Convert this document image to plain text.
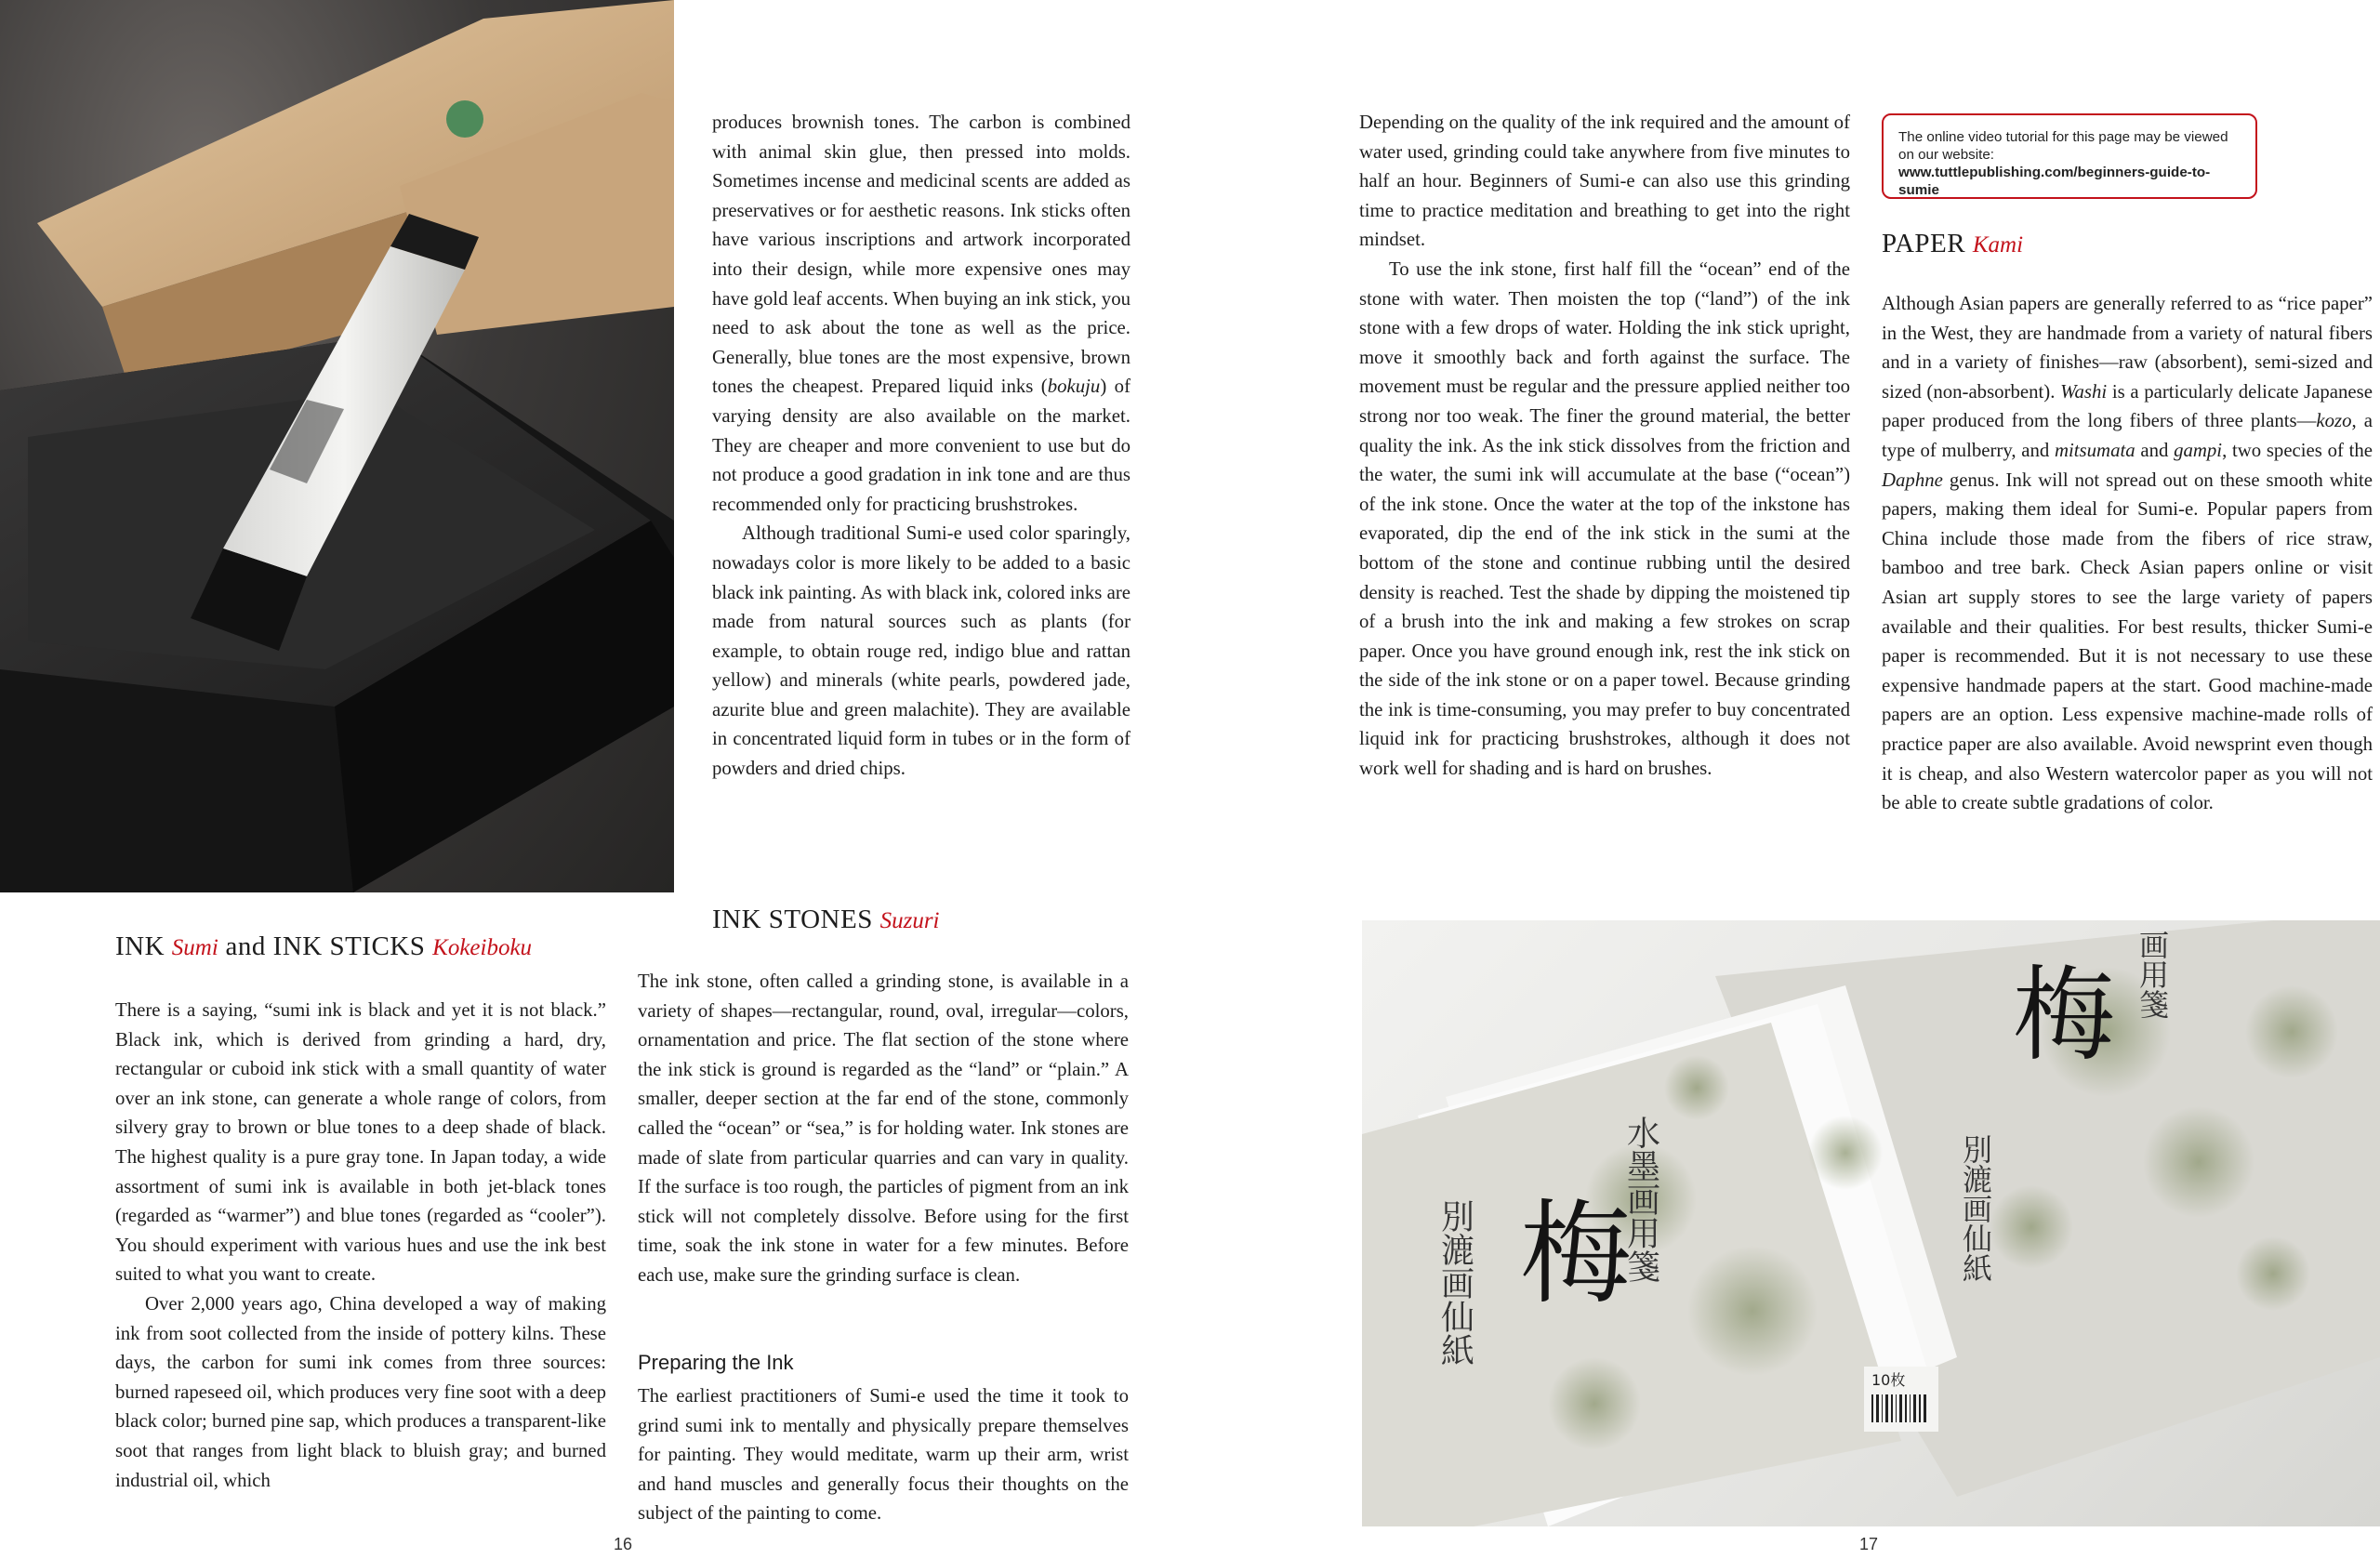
produces brownish tones. The carbon is combined with animal skin glue, then pressed into molds. Sometimes incense and medicinal scents are added as preservatives or for aesthetic reasons. Ink sticks often have various inscriptions and artwork incorporated into their design, while more expensive ones may have gold leaf accents. When buying an ink stick, you need to ask about the tone as well as the price. Generally, blue tones are the most expensive, brown tones the cheapest. Prepared liquid inks (bokuju) of varying density are also available on the market. They are cheaper and more convenient to use but do not produce a good gradation in ink tone and are thus recommended only for practicing brushstrokes.

Although traditional Sumi-e used color sparingly, nowadays color is more likely to be added to a basic black ink painting. As with black ink, colored inks are made from natural sources such as plants (for example, to obtain rouge red, indigo blue and rattan yellow) and minerals (white pearls, powdered jade, azurite blue and green malachite). They are available in concentrated liquid form in tubes or in the form of powders and dried chips.

INK Sumi and INK STICKS Kokeiboku

There is a saying, “sumi ink is black and yet it is not black.” Black ink, which is derived from grinding a hard, dry, rectangular or cuboid ink stick with a small quantity of water over an ink stone, can generate a whole range of colors, from silvery gray to brown or blue tones to a deep shade of black. The highest quality is a pure gray tone. In Japan today, a wide assortment of sumi ink is available in both jet-black tones (regarded as “warmer”) and blue tones (regarded as “cooler”). You should experiment with various hues and use the ink best suited to what you want to create.

Over 2,000 years ago, China developed a way of making ink from soot collected from the inside of pottery kilns. These days, the carbon for sumi ink comes from three sources: burned rapeseed oil, which produces very fine soot with a deep black color; burned pine sap, which produces a transparent-like soot that ranges from light black to bluish gray; and burned industrial oil, which

INK STONES Suzuri

The ink stone, often called a grinding stone, is available in a variety of shapes—rectangular, round, oval, irregular—colors, ornamentation and price. The flat section of the stone where the ink stick is ground is regarded as the “land” or “plain.” A smaller, deeper section at the far end of the stone, commonly called the “ocean” or “sea,” is for holding water. Ink stones are made of slate from particular quarries and can vary in quality. If the surface is too rough, the particles of pigment from an ink stick will not completely dissolve. Before using for the first time, soak the ink stone in water for a few minutes. Before each use, make sure the grinding surface is clean.

Preparing the Ink

The earliest practitioners of Sumi-e used the time it took to grind sumi ink to mentally and physically prepare themselves for painting. They would meditate, warm up their arm, wrist and hand muscles and generally focus their thoughts on the subject of the painting to come.

Depending on the quality of the ink required and the amount of water used, grinding could take anywhere from five minutes to half an hour. Beginners of Sumi-e can also use this grinding time to practice meditation and breathing to get into the right mindset.

To use the ink stone, first half fill the “ocean” end of the stone with water. Then moisten the top (“land”) of the ink stone with a few drops of water. Holding the ink stick upright, move it smoothly back and forth against the surface. The movement must be regular and the pressure applied neither too strong nor too weak. The finer the ground material, the better quality the ink. As the ink stick dissolves from the friction and the water, the sumi ink will accumulate at the base (“ocean”) of the ink stone. Once the water at the top of the inkstone has evaporated, dip the end of the ink stick in the sumi at the bottom of the stone and continue rubbing until the desired density is reached. Test the shade by dipping the moistened tip of a brush into the ink and making a few strokes on scrap paper. Once you have ground enough ink, rest the ink stick on the side of the ink stone or on a paper towel. Because grinding the ink is time-consuming, you may prefer to buy concentrated liquid ink for practicing brushstrokes, although it does not work well for shading and is hard on brushes.

The online video tutorial for this page may be viewed on our website:
www.tuttlepublishing.com/beginners-guide-to-sumie
PAPER Kami

Although Asian papers are generally referred to as “rice paper” in the West, they are handmade from a variety of natural fibers and in a variety of finishes—raw (absorbent), semi-sized and sized (non-absorbent). Washi is a particularly delicate Japanese paper produced from the long fibers of three plants—kozo, a type of mulberry, and mitsumata and gampi, two species of the Daphne genus. Ink will not spread out on these smooth white papers, making them ideal for Sumi-e. Popular papers from China include those made from the fibers of rice straw, bamboo and tree bark. Check Asian papers online or visit Asian art supply stores to see the large variety of papers available and their qualities. For best results, thicker Sumi-e paper is recommended. But it is not necessary to use these expensive handmade papers at the start. Good machine-made papers are an option. Less expensive machine-made rolls of practice paper are also available. Avoid newsprint even though it is cheap, and also Western watercolor paper as you will not be able to create subtle gradations of color.

梅
梅
水墨画用箋
別漉画仙紙
画用箋
別漉画仙紙
10枚
16	17
